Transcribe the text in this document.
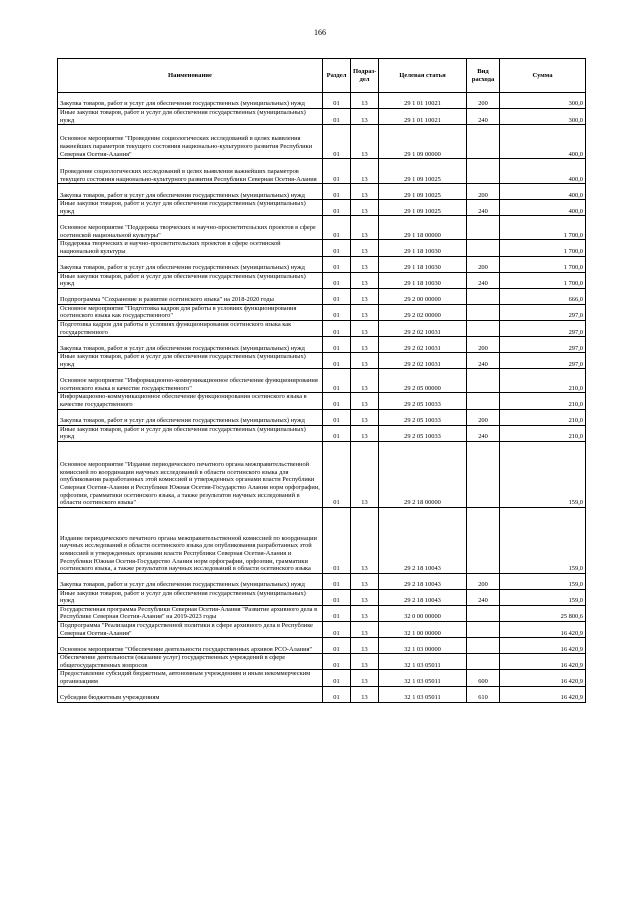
166
Наименование	Раздел	Подраз-дел	Целевая статья	Вид расхода	Сумма
Закупка товаров, работ и услуг для обеспечения государственных (муниципальных) нужд	01	13	29 1 01 10021	200	300,0
Иные закупки товаров, работ и услуг для обеспечения государственных (муниципальных) нужд	01	13	29 1 01 10021	240	300,0
Основное мероприятие "Проведение социологических исследований в целях выявления важнейших параметров текущего состояния национально-культурного развития Республики Северная Осетия-Алания"	01	13	29 1 09 00000		400,0
Проведение социологических исследований в целях выявления важнейших параметров текущего состояния национально-культурного развития Республики Северная Осетия-Алания	01	13	29 1 09 10025		400,0
Закупка товаров, работ и услуг для обеспечения государственных (муниципальных) нужд	01	13	29 1 09 10025	200	400,0
Иные закупки товаров, работ и услуг для обеспечения государственных (муниципальных) нужд	01	13	29 1 09 10025	240	400,0
Основное мероприятие "Поддержка творческих и научно-просветительских проектов в сфере осетинской национальной культуры"	01	13	29 1 18 00000		1 700,0
Поддержка творческих и научно-просветительских проектов в сфере осетинской национальной культуры	01	13	29 1 18 10030		1 700,0
Закупка товаров, работ и услуг для обеспечения государственных (муниципальных) нужд	01	13	29 1 18 10030	200	1 700,0
Иные закупки товаров, работ и услуг для обеспечения государственных (муниципальных) нужд	01	13	29 1 18 10030	240	1 700,0
Подпрограмма "Сохранение и развитие осетинского языка" на 2018-2020 годы	01	13	29 2 00 00000		666,0
Основное мероприятие "Подготовка кадров для работы в условиях функционирования осетинского языка как государственного"	01	13	29 2 02 00000		297,0
Подготовка кадров для работы в условиях функционирования осетинского языка как государственного	01	13	29 2 02 10031		297,0
Закупка товаров, работ и услуг для обеспечения государственных (муниципальных) нужд	01	13	29 2 02 10031	200	297,0
Иные закупки товаров, работ и услуг для обеспечения государственных (муниципальных) нужд	01	13	29 2 02 10031	240	297,0
Основное мероприятие "Информационно-коммуникационное обеспечение функционирования осетинского языка в качестве государственного"	01	13	29 2 05 00000		210,0
Информационно-коммуникационное обеспечение функционирования осетинского языка в качестве государственного	01	13	29 2 05 10033		210,0
Закупка товаров, работ и услуг для обеспечения государственных (муниципальных) нужд	01	13	29 2 05 10033	200	210,0
Иные закупки товаров, работ и услуг для обеспечения государственных (муниципальных) нужд	01	13	29 2 05 10033	240	210,0
Основное мероприятие "Издание периодического печатного органа межправительственной комиссией по координации научных исследований в области осетинского языка для опубликования разработанных этой комиссией и утвержденных органами власти Республики Северная Осетия-Алания и Республики Южная Осетия-Государство Алания норм орфографии, орфоэпии, грамматики осетинского языка, а также результатов научных исследований в области осетинского языка"	01	13	29 2 18 00000		159,0
Издание периодического печатного органа межправительственной комиссией по координации научных исследований в области осетинского языка для опубликования разработанных этой комиссией и утвержденных органами власти Республики Северная Осетия-Алания и Республики Южная Осетия-Государство Алания норм орфографии, орфоэпии, грамматики осетинского языка, а также результатов научных исследований в области осетинского языка	01	13	29 2 18 10043		159,0
Закупка товаров, работ и услуг для обеспечения государственных (муниципальных) нужд	01	13	29 2 18 10043	200	159,0
Иные закупки товаров, работ и услуг для обеспечения государственных (муниципальных) нужд	01	13	29 2 18 10043	240	159,0
Государственная программа Республики Северная Осетия-Алания "Развитие архивного дела в Республике Северная Осетия-Алания" на 2019-2023 годы	01	13	32 0 00 00000		25 800,6
Подпрограмма "Реализация государственной политики в сфере архивного дела в Республике Северная Осетия-Алания"	01	13	32 1 00 00000		16 420,9
Основное мероприятие "Обеспечение деятельности государственных архивов РСО-Алания"	01	13	32 1 03 00000		16 420,9
Обеспечение деятельности (оказание услуг) государственных учреждений в сфере общегосударственных вопросов	01	13	32 1 03 05011		16 420,9
Предоставление субсидий бюджетным, автономным учреждениям и иным некоммерческим организациям	01	13	32 1 03 05011	600	16 420,9
Субсидии бюджетным учреждениям	01	13	32 1 03 05011	610	16 420,9
